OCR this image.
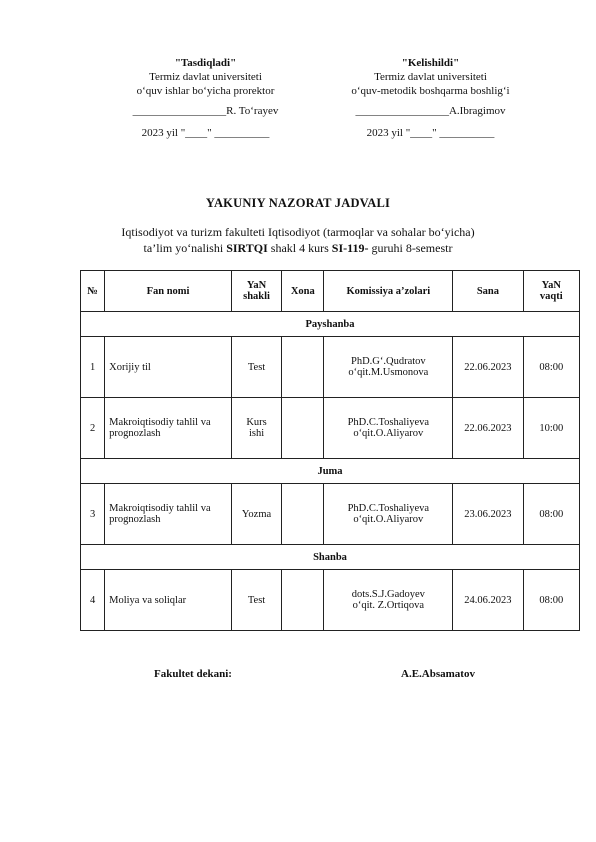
"Tasdiqladi"
Termiz davlat universiteti
o‘quv ishlar bo‘yicha prorektor
_________________R. To‘rayev
2023 yil "____" __________
"Kelishildi"
Termiz davlat universiteti
o‘quv-metodik boshqarma boshlig‘i
_________________A.Ibragimov
2023 yil "____" __________
YAKUNIY NAZORAT JADVALI
Iqtisodiyot va turizm fakulteti Iqtisodiyot (tarmoqlar va sohalar bo‘yicha)
ta’lim yo‘nalishi SIRTQI shakl 4 kurs SI-119- guruhi 8-semestr
№	Fan nomi	YaN
shakli	Xona	Komissiya a’zolari	Sana	YaN
vaqti
Payshanba						
1	Xorijiy til	Test		PhD.G‘.Qudratov
o‘qit.M.Usmonova	22.06.2023	08:00
2	Makroiqtisodiy tahlil va prognozlash	Kurs
ishi		PhD.C.Toshaliyeva
o‘qit.O.Aliyarov	22.06.2023	10:00
Juma						
3	Makroiqtisodiy tahlil va prognozlash	Yozma		PhD.C.Toshaliyeva
o‘qit.O.Aliyarov	23.06.2023	08:00
Shanba						
4	Moliya va soliqlar	Test		dots.S.J.Gadoyev
o‘qit. Z.Ortiqova	24.06.2023	08:00
Fakultet dekani:	A.E.Absamatov
